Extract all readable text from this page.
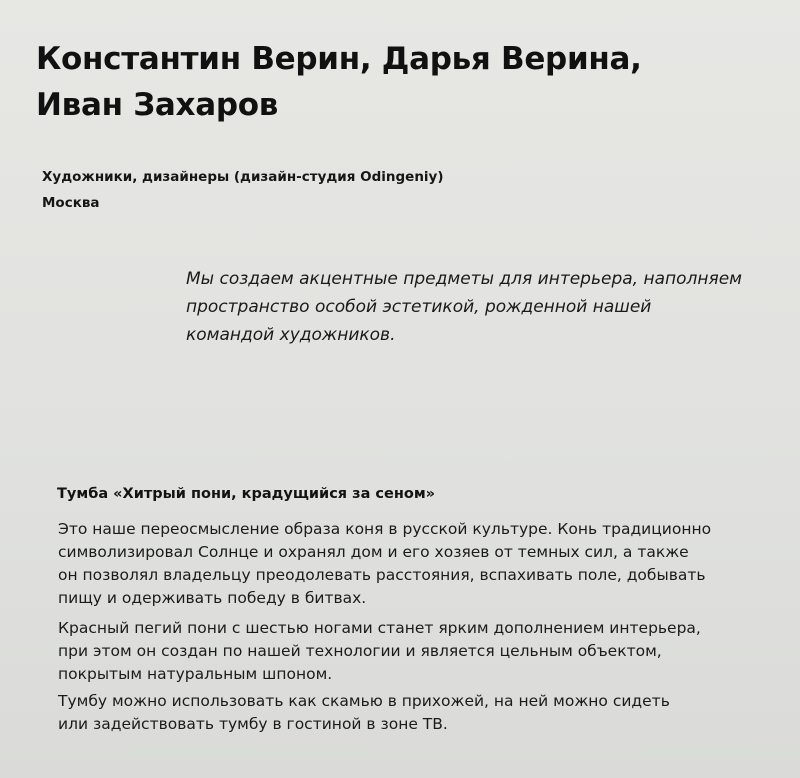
Константин Верин, Дарья Верина,
Иван Захаров
Художники, дизайнеры (дизайн-студия Odingeniy)
Москва
Мы создаем акцентные предметы для интерьера, наполняем
пространство особой эстетикой, рожденной нашей
командой художников.
Тумба «Хитрый пони, крадущийся за сеном»
Это наше переосмысление образа коня в русской культуре. Конь традиционно
символизировал Солнце и охранял дом и его хозяев от темных сил, а также
он позволял владельцу преодолевать расстояния, вспахивать поле, добывать
пищу и одерживать победу в битвах.
Красный пегий пони с шестью ногами станет ярким дополнением интерьера,
при этом он создан по нашей технологии и является цельным объектом,
покрытым натуральным шпоном.
Тумбу можно использовать как скамью в прихожей, на ней можно сидеть
или задействовать тумбу в гостиной в зоне ТВ.
